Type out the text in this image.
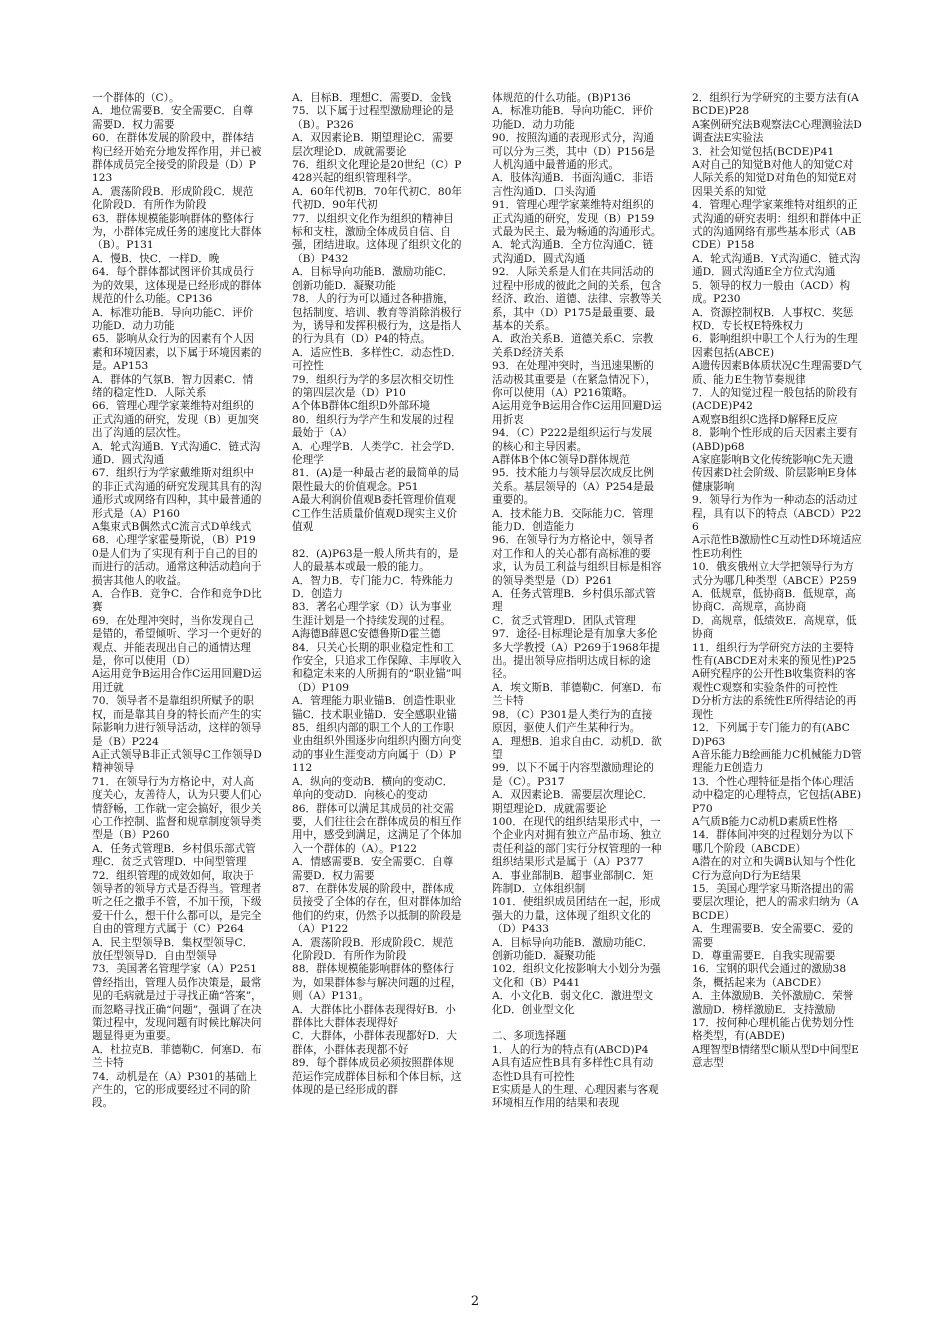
一个群体的（C）。
A．地位需要B．安全需要C．自尊需要D．权力需要
60．在群体发展的阶段中，群体结构已经开始充分地发挥作用，并已被群体成员完全接受的阶段是（D）P123
A．震荡阶段B．形成阶段C．规范化阶段D．有所作为阶段
63．群体规模能影响群体的整体行为，小群体完成任务的速度比大群体（B）。P131
A．慢B．快C．一样D．晚
64．每个群体都试图评价其成员行为的效果，这体现是已经形成的群体规范的什么功能。CP136
A．标准功能B．导向功能C．评价功能D．动力功能
65．影响从众行为的因素有个人因素和环境因素，以下属于环境因素的是。AP153
A．群体的气氛B．智力因素C．情绪的稳定性D．人际关系
66．管理心理学家莱维特对组织的正式沟通的研究，发现（B）更加突出了沟通的层次性。
A．轮式沟通B．Y式沟通C．链式沟通D．圆式沟通
67．组织行为学家戴维斯对组织中的非正式沟通的研究发现其具有的沟通形式或网络有四种，其中最普通的形式是（A）P160
A集束式B偶然式C流言式D单线式
68．心理学家霍曼斯说，（B）P190是人们为了实现有利于自己的目的而进行的活动。通常这种活动趋向于损害其他人的收益。
A．合作B．竞争C．合作和竞争D比赛
69．在处理冲突时，当你发现自己是错的，希望倾听、学习一个更好的观点、并能表现出自己的通情达理是，你可以使用（D）
A运用竞争B运用合作C运用回避D运用迁就
70．领导者不是靠组织所赋予的职权，而是靠其自身的特长而产生的实际影响力进行领导活动，这样的领导是（B）P224
A正式领导B非正式领导C工作领导D精神领导
71．在领导行为方格论中，对人高度关心，友善待人，认为只要人们心情舒畅，工作就一定会搞好，很少关心工作控制、监督和规章制度领导类型是（B）P260
A．任务式管理B．乡村俱乐部式管理C．贫乏式管理D．中间型管理
72．组织管理的成效如何，取决于领导者的领导方式是否得当。管理者听之任之撒手不管，不加干预，下级爱干什么，想干什么都可以，是完全自由的管理方式属于（C）P264
A．民主型领导B．集权型领导C．放任型领导D．自由型领导
73．美国著名管理学家（A）P251曾经指出，管理人员作决策是，最常见的毛病就是过于寻找正确“答案”，而忽略寻找正确“问题”，强调了在决策过程中，发现问题有时候比解决问题显得更为重要。
A．杜拉克B．菲德勒C．何塞D．布兰卡特
74．动机是在（A）P301的基础上产生的，它的形成要经过不同的阶段。
A．目标B．理想C．需要D．金钱
75．以下属于过程型激励理论的是（B）。P326
A．双因素论B．期望理论C．需要层次理论D．成就需要论
76．组织文化理论是20世纪（C）P428兴起的组织管理科学。
A．60年代初B．70年代初C．80年代初D．90年代初
77．以组织文化作为组织的精神目标和支柱，激励全体成员自信、自强，团结进取。这体现了组织文化的（B）P432
A．目标导向功能B．激励功能C．创新功能D．凝聚功能
78．人的行为可以通过各种措施，包括制度、培训、教育等消除消极行为，诱导和发挥积极行为，这是指人的行为具有（D）P4的特点。
A．适应性B．多样性C．动态性D．可控性
79．组织行为学的多层次相交切性的第四层次是（D）P10
A个体B群体C组织D外部环境
80．组织行为学产生和发展的过程最始于（A）
A．心理学B．人类学C．社会学D．伦理学
81．(A)是一种最古老的最简单的局限性最大的价值观念。P51
A最大利润价值观B委托管理价值观C工作生活质量价值观D现实主义价值观
82．(A)P63是一般人所共有的，是人的最基本或最一般的能力。
A．智力B．专门能力C．特殊能力D．创造力
83．著名心理学家（D）认为事业生涯计划是一个持续发现的过程。
A海德B薛恩C安德鲁斯D霍兰德
84．只关心长期的职业稳定性和工作安全，只追求工作保障、丰厚收入和稳定未来的人所拥有的“职业锚”叫（D）P109
A．管理能力职业锚B．创造性职业锚C．技术职业锚D．安全感职业锚
85．组织内部的职工个人的工作职业由组织外围逐步向组织内圈方向变动的事业生涯变动方向属于（D）P112
A．纵向的变动B．横向的变动C．单向的变动D．向核心的变动
86．群体可以满足其成员的社交需要，人们往往会在群体成员的相互作用中，感受到满足，这满足了个体加入一个群体的（A）。P122
A．情感需要B．安全需要C．自尊需要D．权力需要
87．在群体发展的阶段中，群体成员接受了全体的存在，但对群体加给他们的约束，仍然予以抵制的阶段是（A）P122
A．震荡阶段B．形成阶段C．规范化阶段D．有所作为阶段
88．群体规模能影响群体的整体行为，如果群体参与解决问题的过程，则（A）P131。
A．大群体比小群体表现得好B．小群体比大群体表现得好
C．大群体，小群体表现都好D．大群体，小群体表现都不好
89．每个群体成员必须按照群体规范运作完成群体目标和个体目标，这体现的是已经形成的群
体规范的什么功能。(B)P136
A．标准功能B．导向功能C．评价功能D．动力功能
90．按照沟通的表现形式分，沟通可以分为三类，其中（D）P156是人机沟通中最普通的形式。
A．肢体沟通B．书面沟通C．非语言性沟通D．口头沟通
91．管理心理学家莱维特对组织的正式沟通的研究，发现（B）P159式最为民主、最为畅通的沟通形式。
A．轮式沟通B．全方位沟通C．链式沟通D．圆式沟通
92．人际关系是人们在共同活动的过程中形成的彼此之间的关系，包含经济、政治、道德、法律、宗教等关系，其中（D）P175是最重要、最基本的关系。
A．政治关系B．道德关系C．宗教关系D经济关系
93．在处理冲突时，当迅速果断的活动极其重要是（在紧急情况下），你可以使用（A）P216策略。
A运用竞争B运用合作C运用回避D运用折衷
94．（C）P222是组织运行与发展的核心和主导因素。
A群体B个体C领导D群体规范
95．技术能力与领导层次成反比例关系。基层领导的（A）P254是最重要的。
A．技术能力B．交际能力C．管理能力D．创造能力
96．在领导行为方格论中，领导者对工作和人的关心都有高标准的要求，认为员工利益与组织目标是相容的领导类型是（D）P261
A．任务式管理B．乡村俱乐部式管理
C．贫乏式管理D．团队式管理
97．途径-目标理论是有加拿大多伦多大学教授（A）P269于1968年提出。提出领导应指明达成目标的途径。
A．埃文斯B．菲德勒C．何塞D．布兰卡特
98．（C）P301是人类行为的直接原因，驱使人们产生某种行为。
A．理想B．追求自由C．动机D．欲望
99．以下不属于内容型激励理论的是（C）。P317
A．双因素论B．需要层次理论C．期望理论D．成就需要论
100．在现代的组织结果形式中，一个企业内对拥有独立产品市场、独立责任利益的部门实行分权管理的一种组织结果形式是属于（A）P377
A．事业部制B．超事业部制C．矩阵制D．立体组织制
101．使组织成员团结在一起，形成强大的力量，这体现了组织文化的（D）P433
A．目标导向功能B．激励功能C．创新功能D．凝聚功能
102．组织文化按影响大小划分为强文化和（B）P441
A．小文化B．弱文化C．激进型文化D．创业型文化
二、多项选择题
1．人的行为的特点有(ABCD)P4
A具有适应性B具有多样性C具有动态性D具有可控性
E实质是人的生理、心理因素与客观环境相互作用的结果和表现
2．组织行为学研究的主要方法有(ABCDE)P28
A案例研究法B观察法C心理测验法D调查法E实验法
3．社会知觉包括(BCDE)P41
A对自己的知觉B对他人的知觉C对人际关系的知觉D对角色的知觉E对因果关系的知觉
4．管理心理学家莱维特对组织的正式沟通的研究表明：组织和群体中正式的沟通网络有那些基本形式（ABCDE）P158
A．轮式沟通B．Y式沟通C．链式沟通D．圆式沟通E全方位式沟通
5．领导的权力一般由（ACD）构成。P230
A．资源控制权B．人事权C．奖惩权D．专长权E特殊权力
6．影响组织中职工个人行为的生理因素包括(ABCE)
A遗传因素B体质状况C生理需要D气质、能力E生物节奏规律
7．人的知觉过程一般包括的阶段有(ACDE)P42
A观察B组织C选择D解释E反应
8．影响个性形成的后天因素主要有(ABD)p68
A家庭影响B文化传统影响C先天遗传因素D社会阶级、阶层影响E身体健康影响
9．领导行为作为一种动态的活动过程，具有以下的特点（ABCD）P226
A示范性B激励性C互动性D环境适应性E功利性
10．俄亥俄州立大学把领导行为方式分为哪几种类型（ABCE）P259
A．低规章，低协商B．低规章，高协商C．高规章，高协商
D．高规章，低绩效E．高规章，低协商
11．组织行为学研究方法的主要特性有(ABCDE对未来的预见性)P25
A研究程序的公开性B收集资料的客观性C观察和实验条件的可控性
D分析方法的系统性E所得结论的再现性
12．下列属于专门能力的有(ABCD)P63
A音乐能力B绘画能力C机械能力D管理能力E创造力
13．个性心理特征是指个体心理活动中稳定的心理特点，它包括(ABE)P70
A气质B能力C动机D素质E性格
14．群体间冲突的过程划分为以下哪几个阶段（ABCDE）
A潜在的对立和失调B认知与个性化C行为意向D行为E结果
15．美国心理学家马斯洛提出的需要层次理论，把人的需求归纳为（ABCDE）
A．生理需要B．安全需要C．爱的需要
D．尊重需要E．自我实现需要
16．宝钢的职代会通过的激励38条，概括起来为（ABCDE）
A．主体激励B．关怀激励C．荣誉激励D．榜样激励E．支持激励
17．按何种心理机能占优势划分性格类型，有(ABDE)
A理智型B情绪型C顺从型D中间型E意志型
2
